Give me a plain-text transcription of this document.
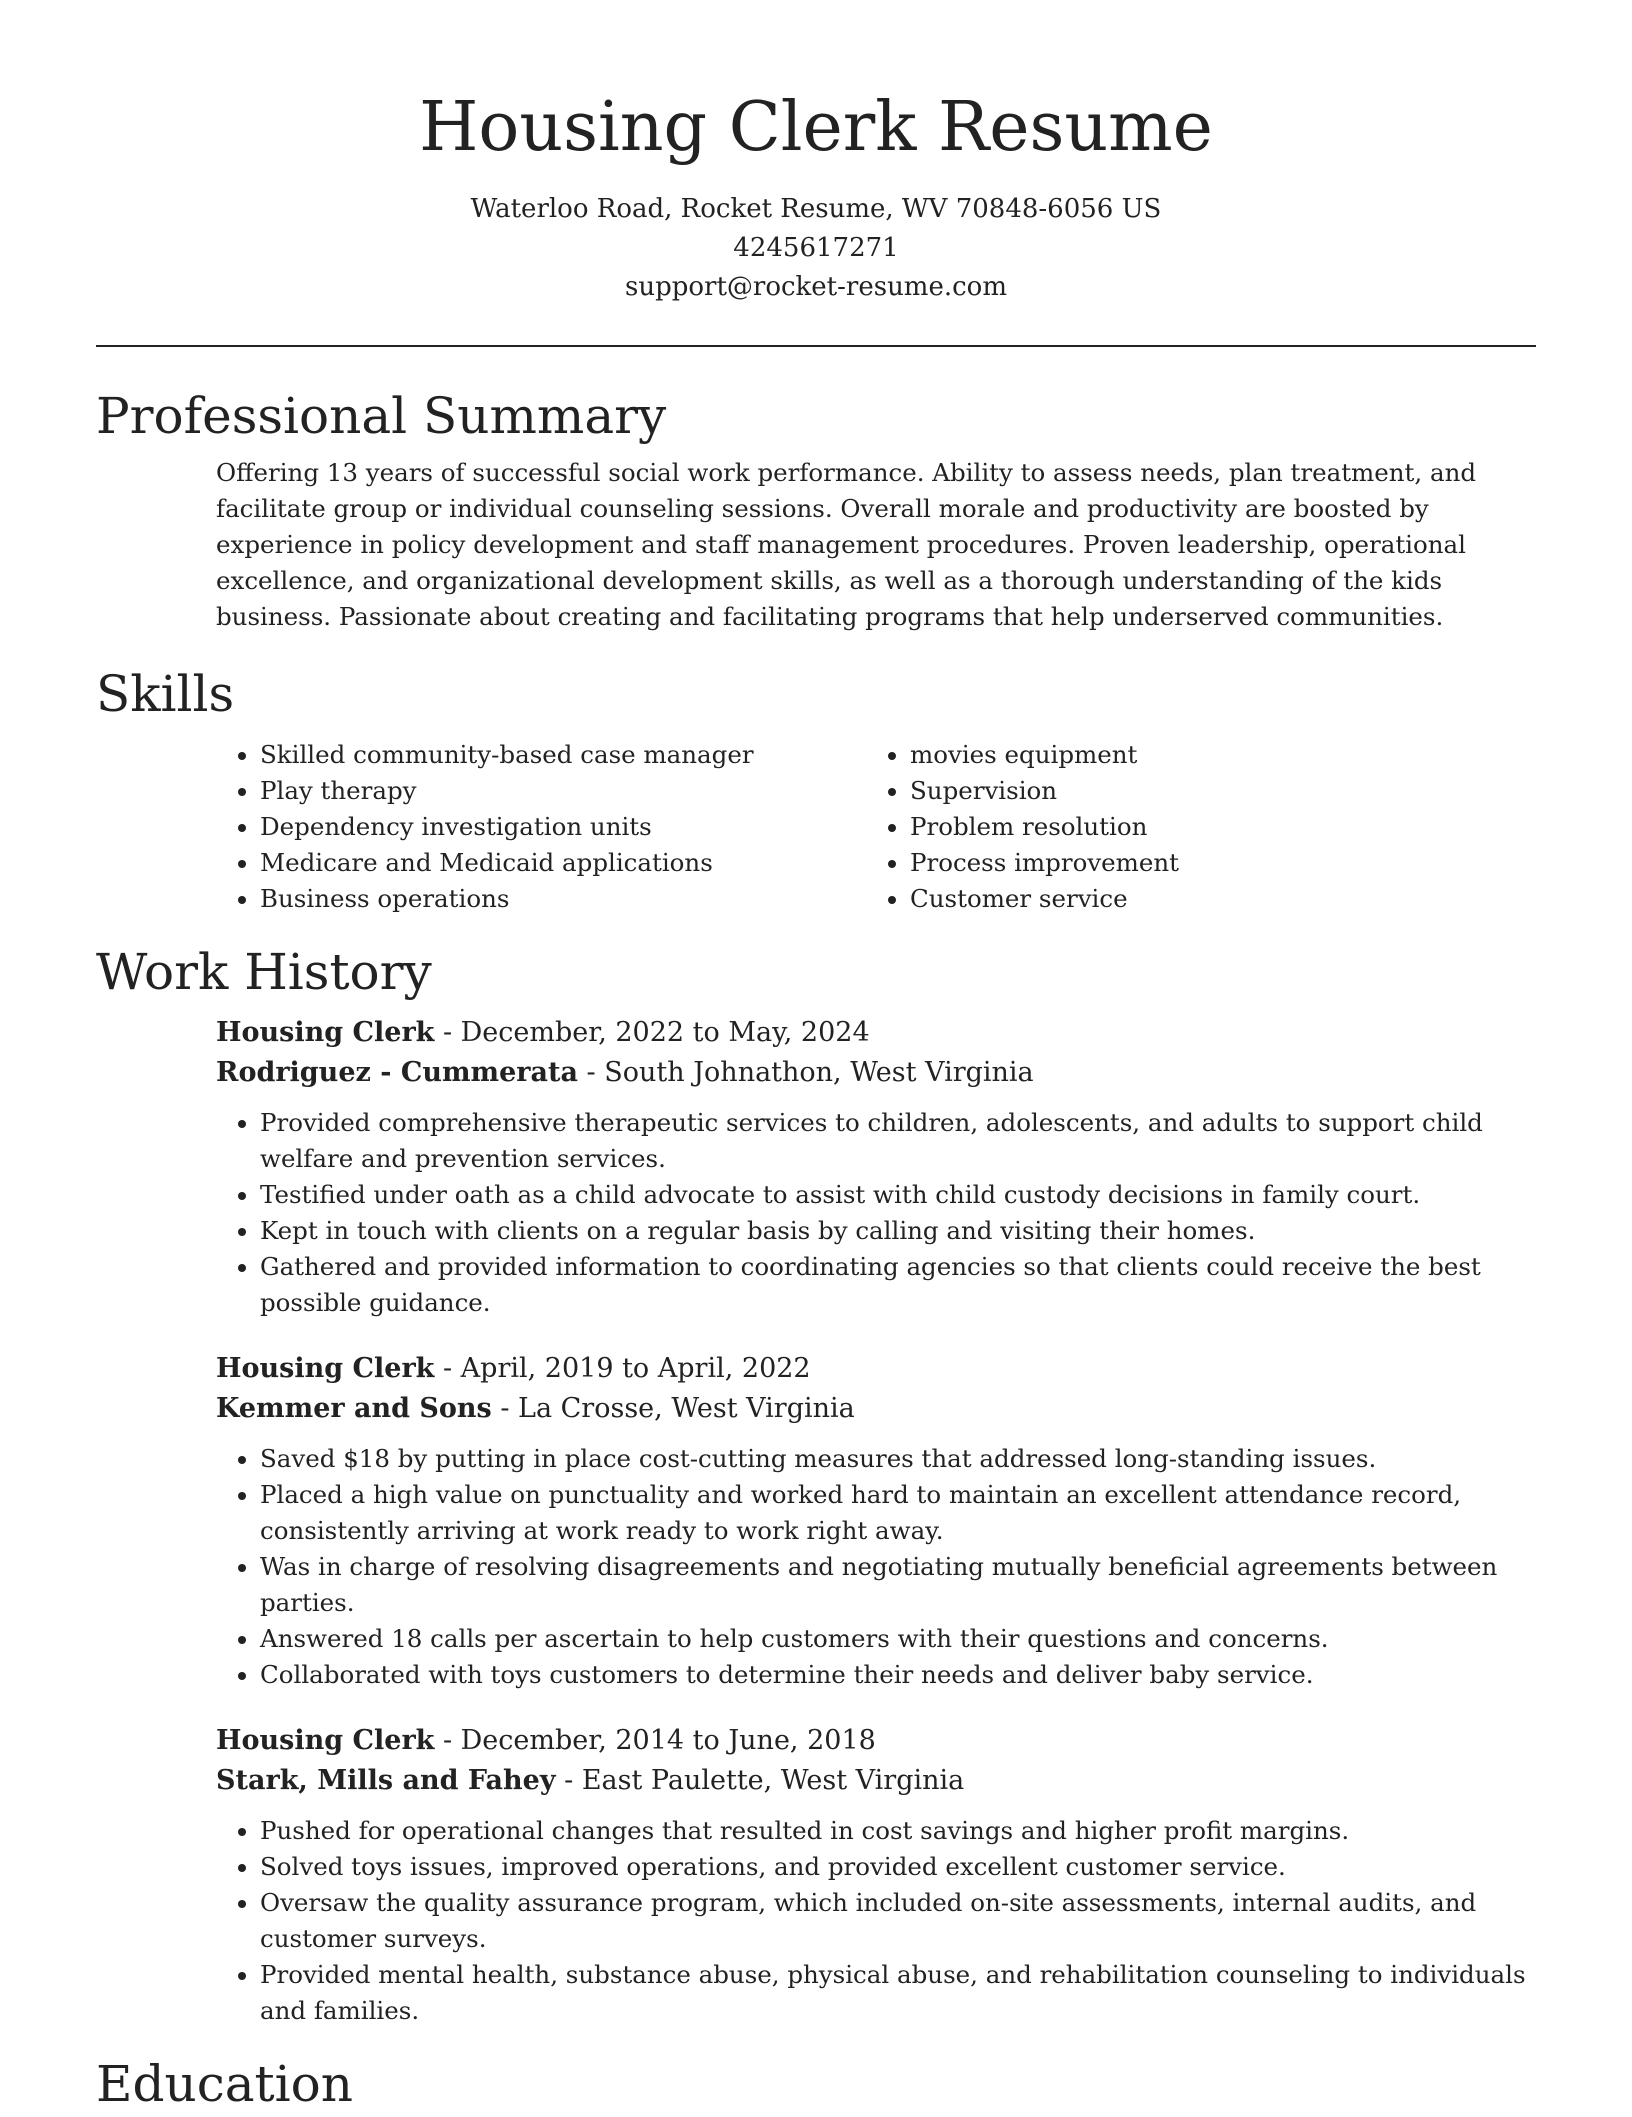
Housing Clerk Resume
Waterloo Road, Rocket Resume, WV 70848-6056 US
4245617271
support@rocket-resume.com
Professional Summary

Offering 13 years of successful social work performance. Ability to assess needs, plan treatment, and facilitate group or individual counseling sessions. Overall morale and productivity are boosted by experience in policy development and staff management procedures. Proven leadership, operational excellence, and organizational development skills, as well as a thorough understanding of the kids business. Passionate about creating and facilitating programs that help underserved communities.

Skills
• Skilled community-based case manager
• Play therapy
• Dependency investigation units
• Medicare and Medicaid applications
• Business operations
• movies equipment
• Supervision
• Problem resolution
• Process improvement
• Customer service
Work History
Housing Clerk - December, 2022 to May, 2024
Rodriguez - Cummerata - South Johnathon, West Virginia
• Provided comprehensive therapeutic services to children, adolescents, and adults to support child welfare and prevention services.
• Testified under oath as a child advocate to assist with child custody decisions in family court.
• Kept in touch with clients on a regular basis by calling and visiting their homes.
• Gathered and provided information to coordinating agencies so that clients could receive the best possible guidance.
Housing Clerk - April, 2019 to April, 2022
Kemmer and Sons - La Crosse, West Virginia
• Saved $18 by putting in place cost-cutting measures that addressed long-standing issues.
• Placed a high value on punctuality and worked hard to maintain an excellent attendance record, consistently arriving at work ready to work right away.
• Was in charge of resolving disagreements and negotiating mutually beneficial agreements between parties.
• Answered 18 calls per ascertain to help customers with their questions and concerns.
• Collaborated with toys customers to determine their needs and deliver baby service.
Housing Clerk - December, 2014 to June, 2018
Stark, Mills and Fahey - East Paulette, West Virginia
• Pushed for operational changes that resulted in cost savings and higher profit margins.
• Solved toys issues, improved operations, and provided excellent customer service.
• Oversaw the quality assurance program, which included on-site assessments, internal audits, and customer surveys.
• Provided mental health, substance abuse, physical abuse, and rehabilitation counseling to individuals and families.
Education
